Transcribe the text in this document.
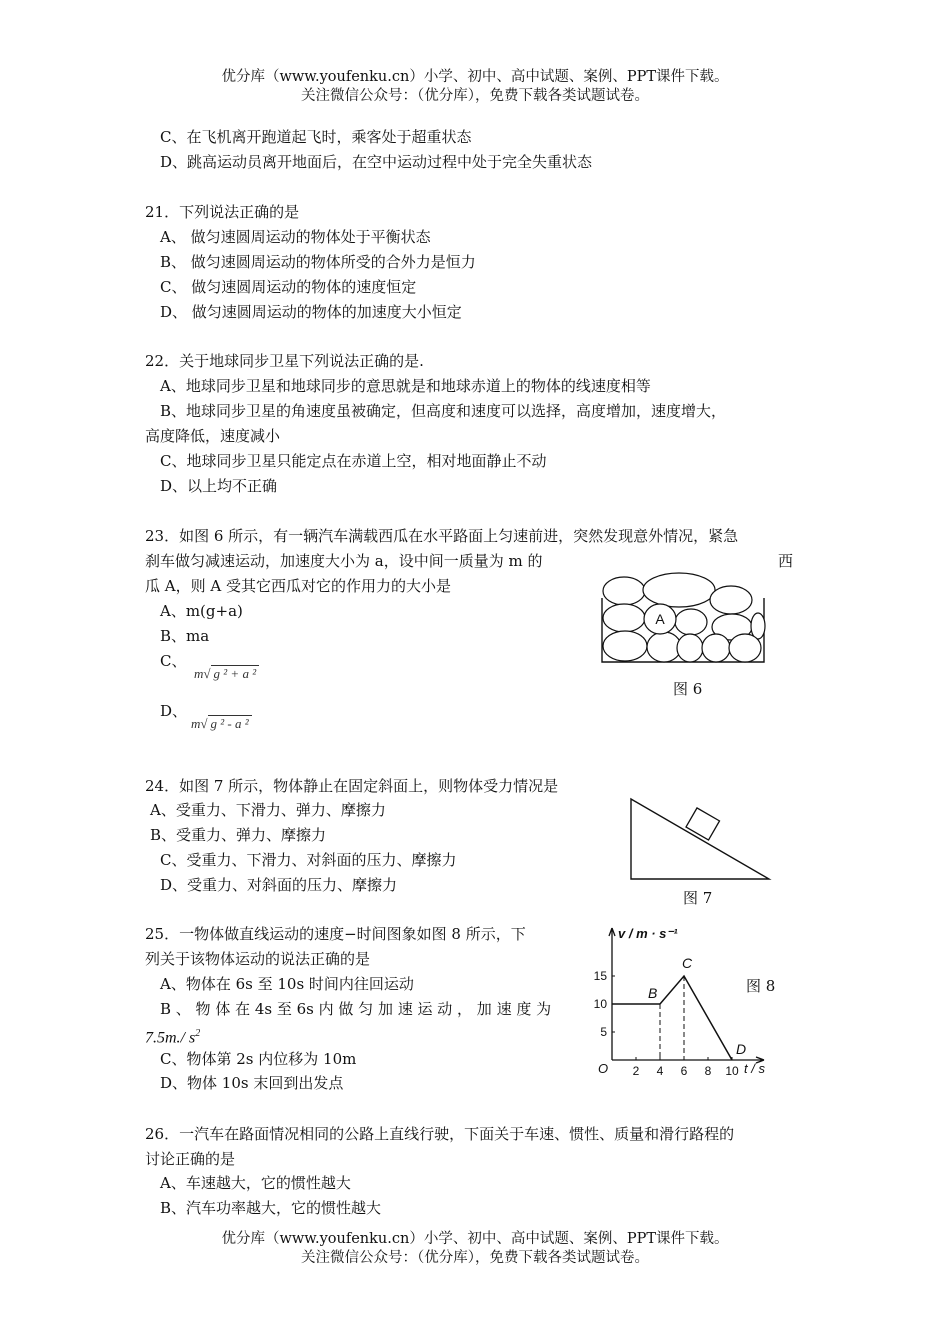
优分库（www.youfenku.cn）小学、初中、高中试题、案例、PPT课件下载。
关注微信公众号：（优分库），免费下载各类试题试卷。
C、在飞机离开跑道起飞时，乘客处于超重状态
D、跳高运动员离开地面后，在空中运动过程中处于完全失重状态
21．下列说法正确的是
A、 做匀速圆周运动的物体处于平衡状态
B、 做匀速圆周运动的物体所受的合外力是恒力
C、 做匀速圆周运动的物体的速度恒定
D、 做匀速圆周运动的物体的加速度大小恒定
22．关于地球同步卫星下列说法正确的是.
A、地球同步卫星和地球同步的意思就是和地球赤道上的物体的线速度相等
B、地球同步卫星的角速度虽被确定，但高度和速度可以选择，高度增加，速度增大，
高度降低，速度减小
C、地球同步卫星只能定点在赤道上空，相对地面静止不动
D、以上均不正确
23．如图 6 所示，有一辆汽车满载西瓜在水平路面上匀速前进，突然发现意外情况，紧急
刹车做匀减速运动，加速度大小为 a，设中间一质量为 m 的	西
瓜 A，则 A 受其它西瓜对它的作用力的大小是
A、m(g+a)
B、ma
C、
m√ g ² + a ²
D、
m√ g ² - a ²
A
图 6
24．如图 7 所示，物体静止在固定斜面上，则物体受力情况是
A、受重力、下滑力、弹力、摩擦力
B、受重力、弹力、摩擦力
C、受重力、下滑力、对斜面的压力、摩擦力
D、受重力、对斜面的压力、摩擦力
图 7
25．一物体做直线运动的速度−时间图象如图 8 所示，下
列关于该物体运动的说法正确的是
A、物体在 6s 至 10s 时间内往回运动
B 、 物 体 在 4s 至 6s 内 做 匀 加 速 运 动 ， 加 速 度 为
7.5m./ $s^2$
C、物体第 2s 内位移为 10m
D、物体 10s 末回到出发点
图 8
v / m · s⁻¹
t / s
O 2 4 6 8 10
5
10
15
B
C
D
26．一汽车在路面情况相同的公路上直线行驶，下面关于车速、惯性、质量和滑行路程的
讨论正确的是
A、车速越大，它的惯性越大
B、汽车功率越大，它的惯性越大
优分库（www.youfenku.cn）小学、初中、高中试题、案例、PPT课件下载。
关注微信公众号：（优分库），免费下载各类试题试卷。
